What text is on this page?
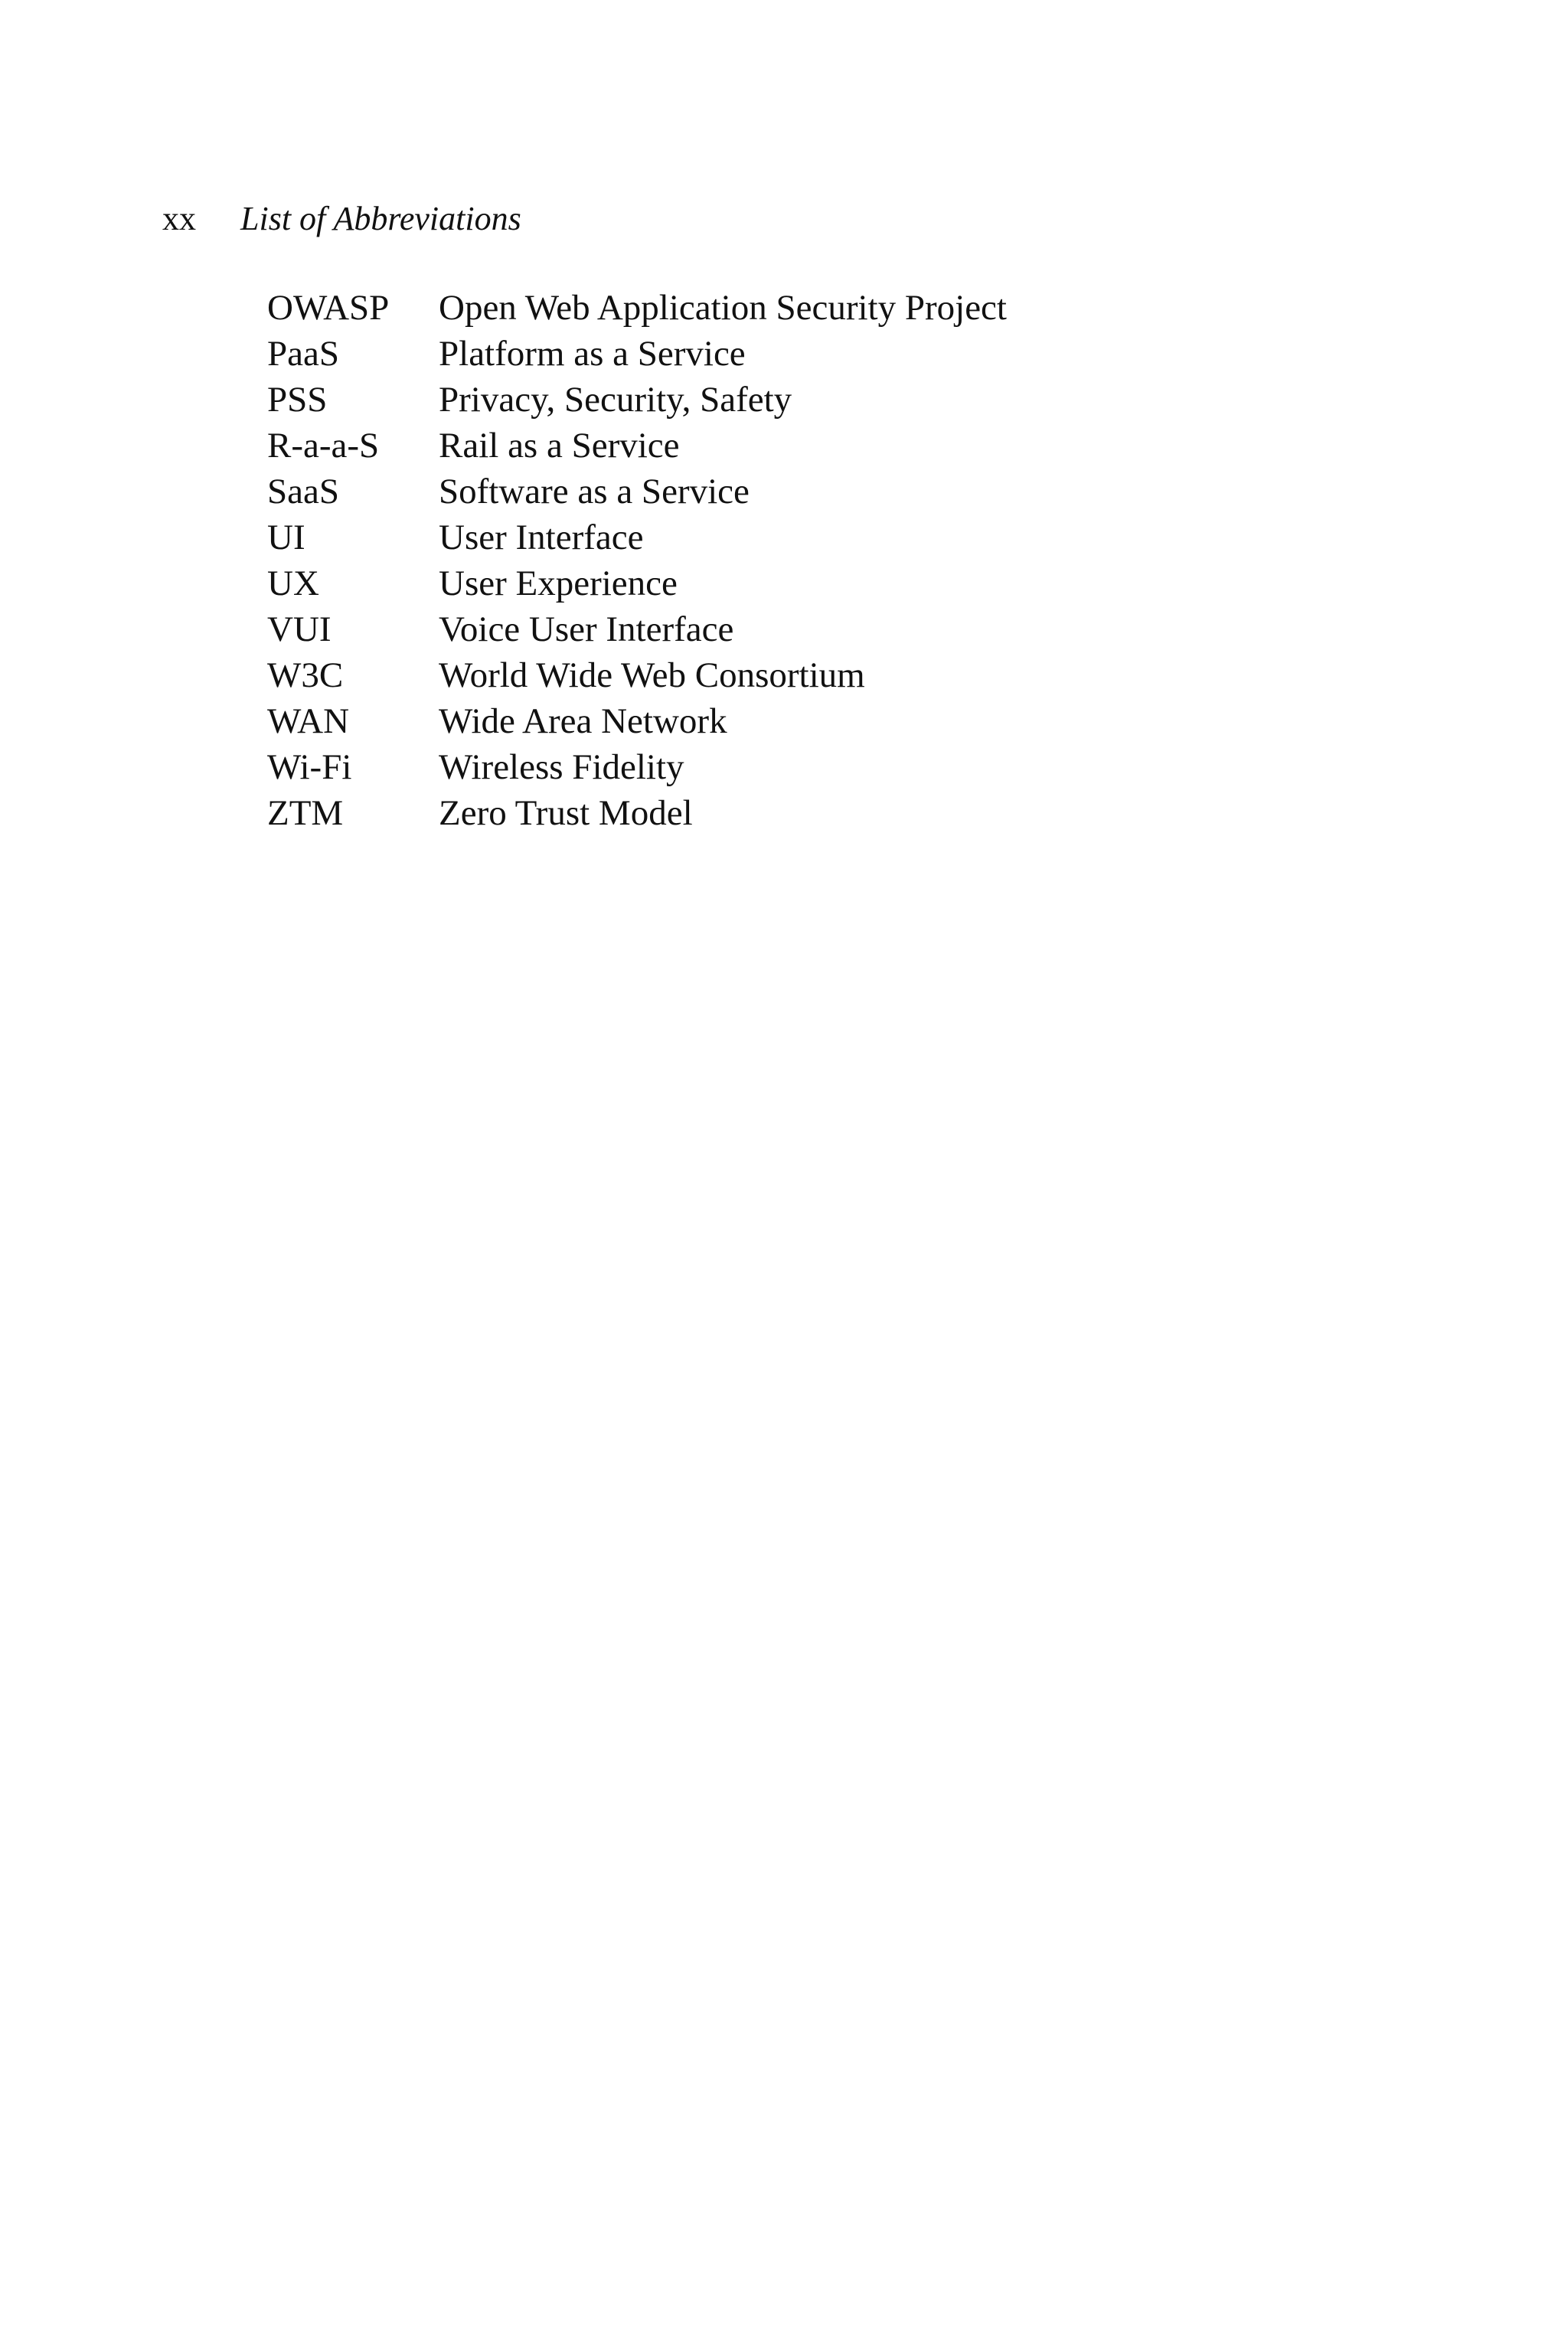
xx List of Abbreviations
OWASP	Open Web Application Security Project
PaaS	Platform as a Service
PSS	Privacy, Security, Safety
R-a-a-S	Rail as a Service
SaaS	Software as a Service
UI	User Interface
UX	User Experience
VUI	Voice User Interface
W3C	World Wide Web Consortium
WAN	Wide Area Network
Wi-Fi	Wireless Fidelity
ZTM	Zero Trust Model
